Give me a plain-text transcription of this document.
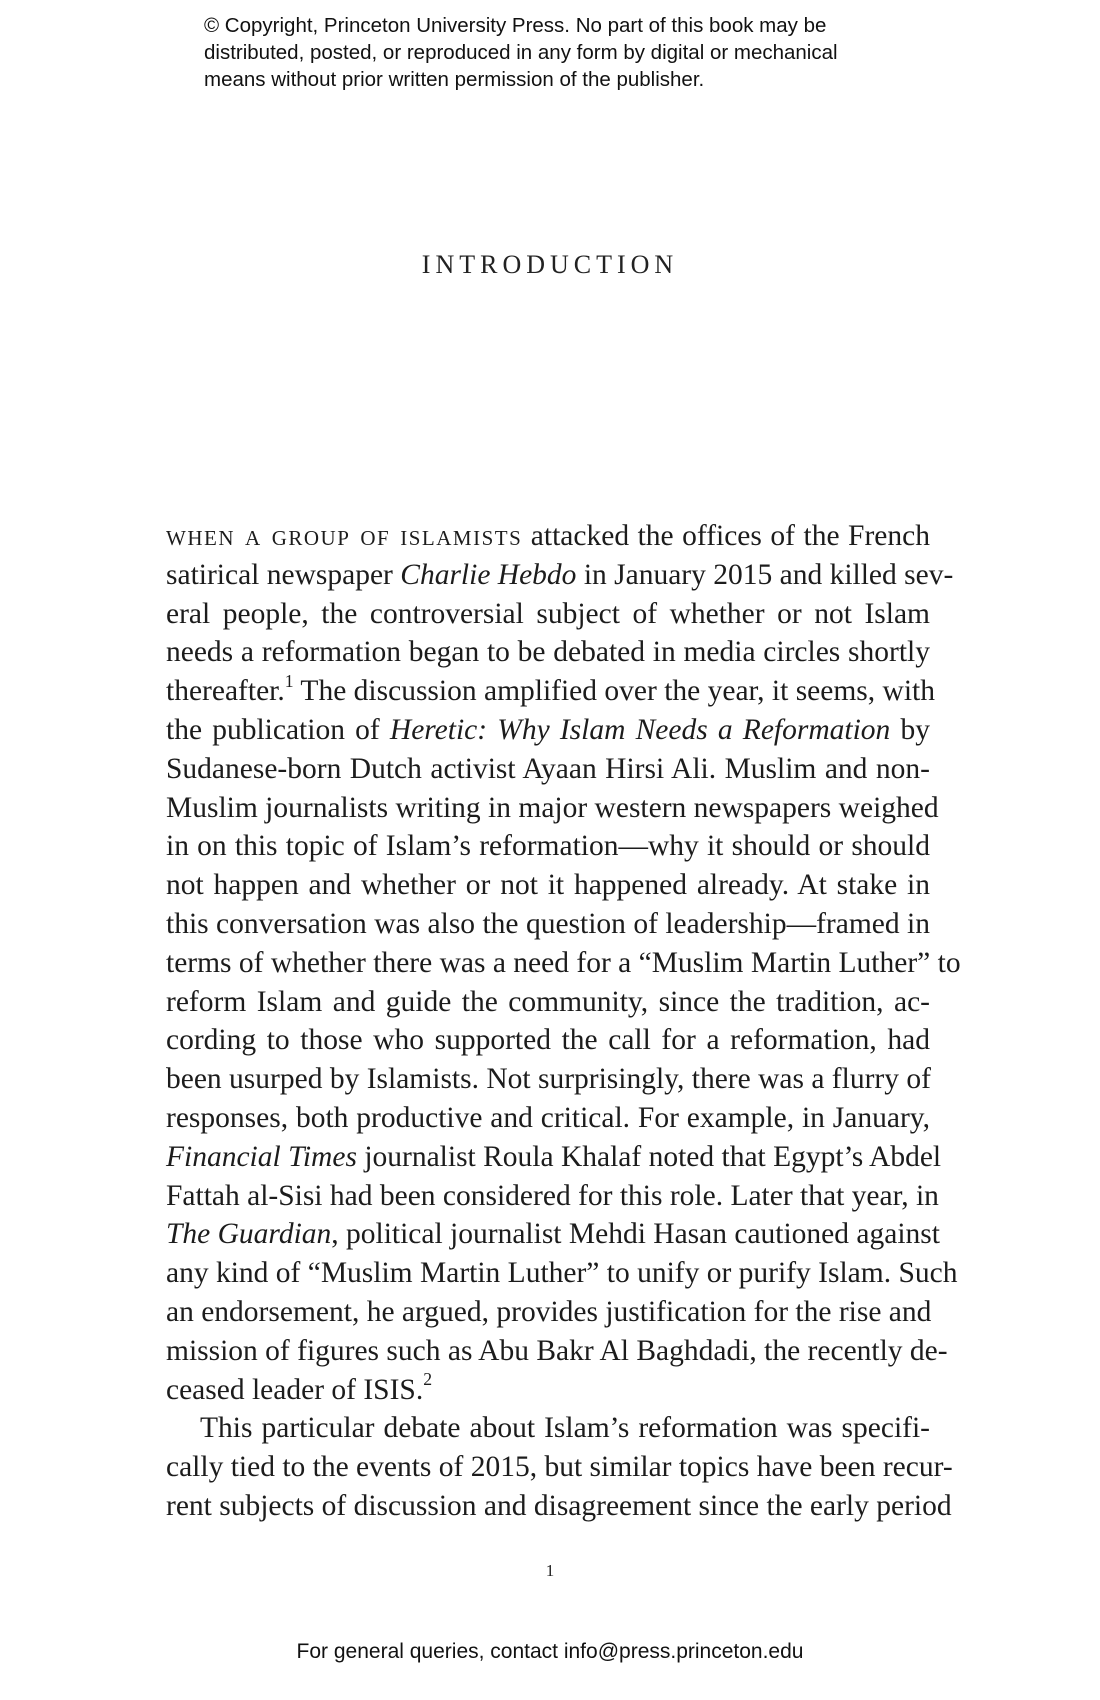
© Copyright, Princeton University Press. No part of this book may be
distributed, posted, or reproduced in any form by digital or mechanical
means without prior written permission of the publisher.
INTRODUCTION
when a group of islamists attacked the offices of the French
satirical newspaper Charlie Hebdo in January 2015 and killed sev-
eral people, the controversial subject of whether or not Islam
needs a reformation began to be debated in media circles shortly
thereafter.$^1$ The discussion amplified over the year, it seems, with
the publication of Heretic: Why Islam Needs a Reformation by
Sudanese-born Dutch activist Ayaan Hirsi Ali. Muslim and non-
Muslim journalists writing in major western newspapers weighed
in on this topic of Islam’s reformation—why it should or should
not happen and whether or not it happened already. At stake in
this conversation was also the question of leadership—framed in
terms of whether there was a need for a “Muslim Martin Luther” to
reform Islam and guide the community, since the tradition, ac-
cording to those who supported the call for a reformation, had
been usurped by Islamists. Not surprisingly, there was a flurry of
responses, both productive and critical. For example, in January,
Financial Times journalist Roula Khalaf noted that Egypt’s Abdel
Fattah al-Sisi had been considered for this role. Later that year, in
The Guardian, political journalist Mehdi Hasan cautioned against
any kind of “Muslim Martin Luther” to unify or purify Islam. Such
an endorsement, he argued, provides justification for the rise and
mission of figures such as Abu Bakr Al Baghdadi, the recently de-
ceased leader of ISIS.$^2$
This particular debate about Islam’s reformation was specifi-
cally tied to the events of 2015, but similar topics have been recur-
rent subjects of discussion and disagreement since the early period
1
For general queries, contact info@press.princeton.edu
